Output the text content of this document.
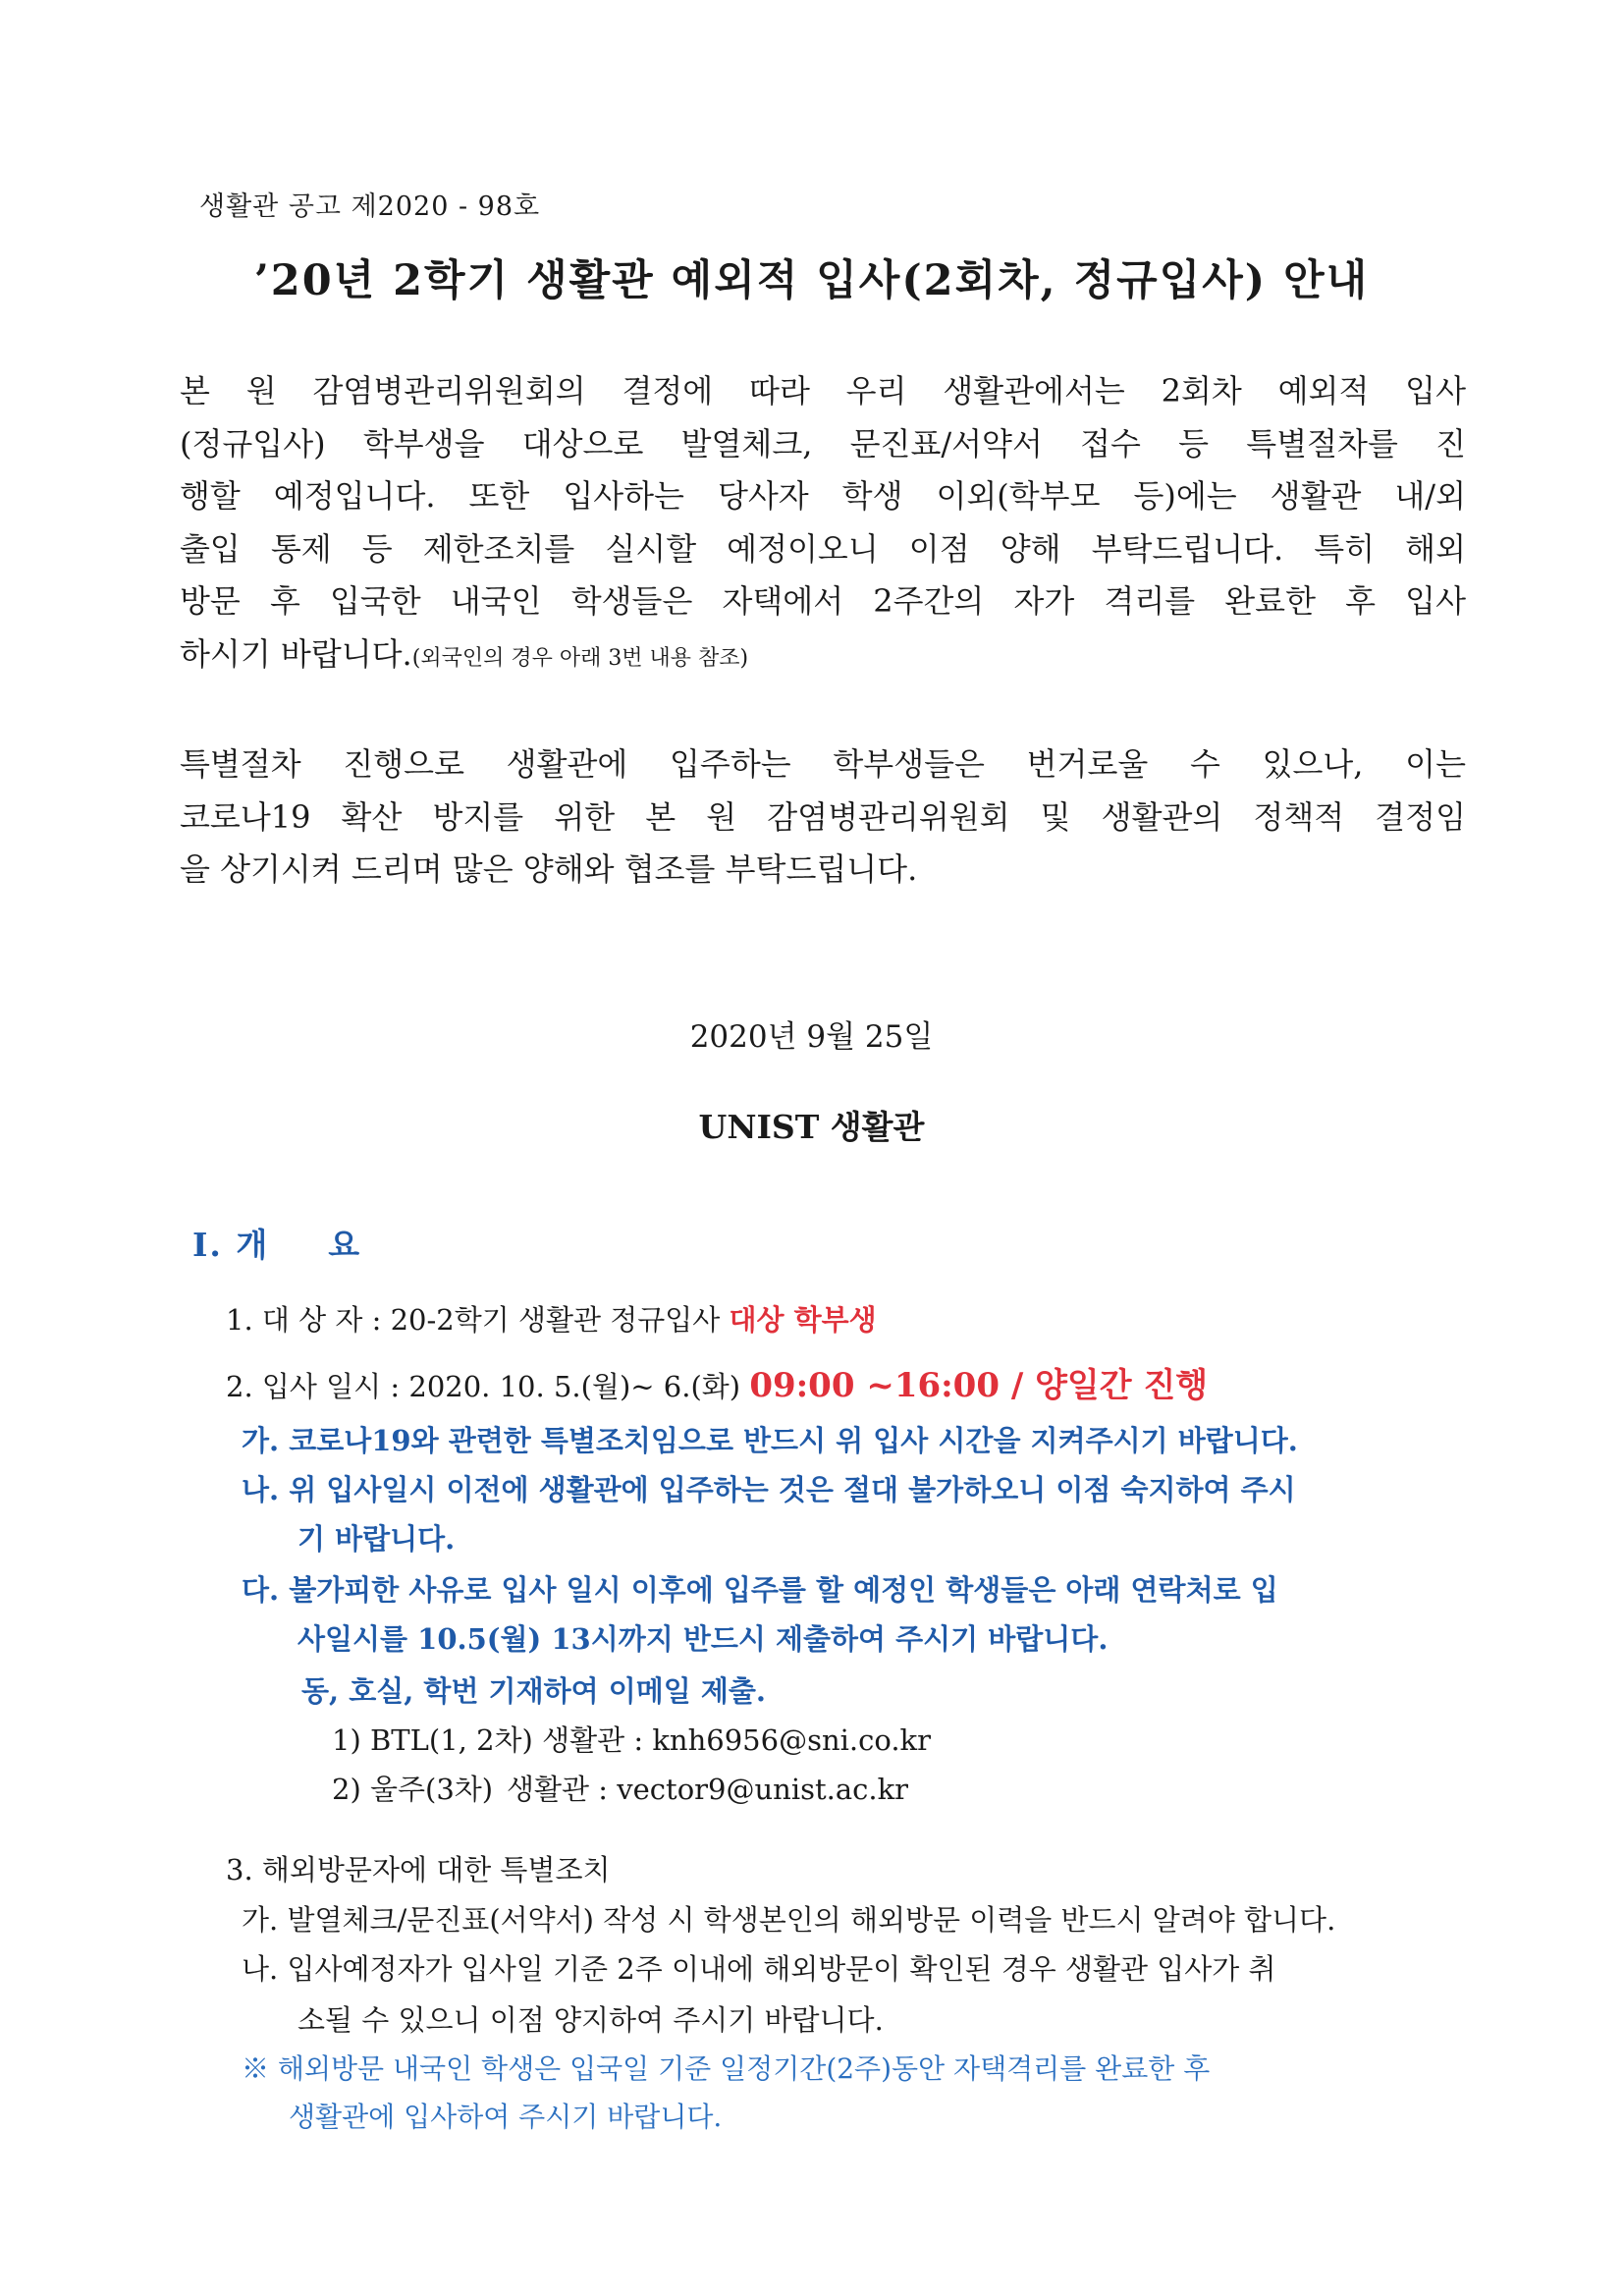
생활관 공고 제2020 - 98호
’20년 2학기 생활관 예외적 입사(2회차, 정규입사) 안내
본 원 감염병관리위원회의 결정에 따라 우리 생활관에서는 2회차 예외적 입사
(정규입사) 학부생을 대상으로 발열체크, 문진표/서약서 접수 등 특별절차를 진
행할 예정입니다. 또한 입사하는 당사자 학생 이외(학부모 등)에는 생활관 내/외
출입 통제 등 제한조치를 실시할 예정이오니 이점 양해 부탁드립니다. 특히 해외
방문 후 입국한 내국인 학생들은 자택에서 2주간의 자가 격리를 완료한 후 입사
하시기 바랍니다.(외국인의 경우 아래 3번 내용 참조)
특별절차 진행으로 생활관에 입주하는 학부생들은 번거로울 수 있으나, 이는
코로나19 확산 방지를 위한 본 원 감염병관리위원회 및 생활관의 정책적 결정임
을 상기시켜 드리며 많은 양해와 협조를 부탁드립니다.
2020년 9월 25일
UNIST 생활관
Ⅰ. 개 요
1. 대 상 자 : 20-2학기 생활관 정규입사 대상 학부생
2. 입사 일시 : 2020. 10. 5.(월)~ 6.(화) 09:00 ~16:00 / 양일간 진행
가. 코로나19와 관련한 특별조치임으로 반드시 위 입사 시간을 지켜주시기 바랍니다.
나. 위 입사일시 이전에 생활관에 입주하는 것은 절대 불가하오니 이점 숙지하여 주시
기 바랍니다.
다. 불가피한 사유로 입사 일시 이후에 입주를 할 예정인 학생들은 아래 연락처로 입
사일시를 10.5(월) 13시까지 반드시 제출하여 주시기 바랍니다.
동, 호실, 학번 기재하여 이메일 제출.
1) BTL(1, 2차) 생활관 : knh6956@sni.co.kr
2) 울주(3차) 생활관 : vector9@unist.ac.kr
3. 해외방문자에 대한 특별조치
가. 발열체크/문진표(서약서) 작성 시 학생본인의 해외방문 이력을 반드시 알려야 합니다.
나. 입사예정자가 입사일 기준 2주 이내에 해외방문이 확인된 경우 생활관 입사가 취
소될 수 있으니 이점 양지하여 주시기 바랍니다.
※ 해외방문 내국인 학생은 입국일 기준 일정기간(2주)동안 자택격리를 완료한 후
생활관에 입사하여 주시기 바랍니다.
